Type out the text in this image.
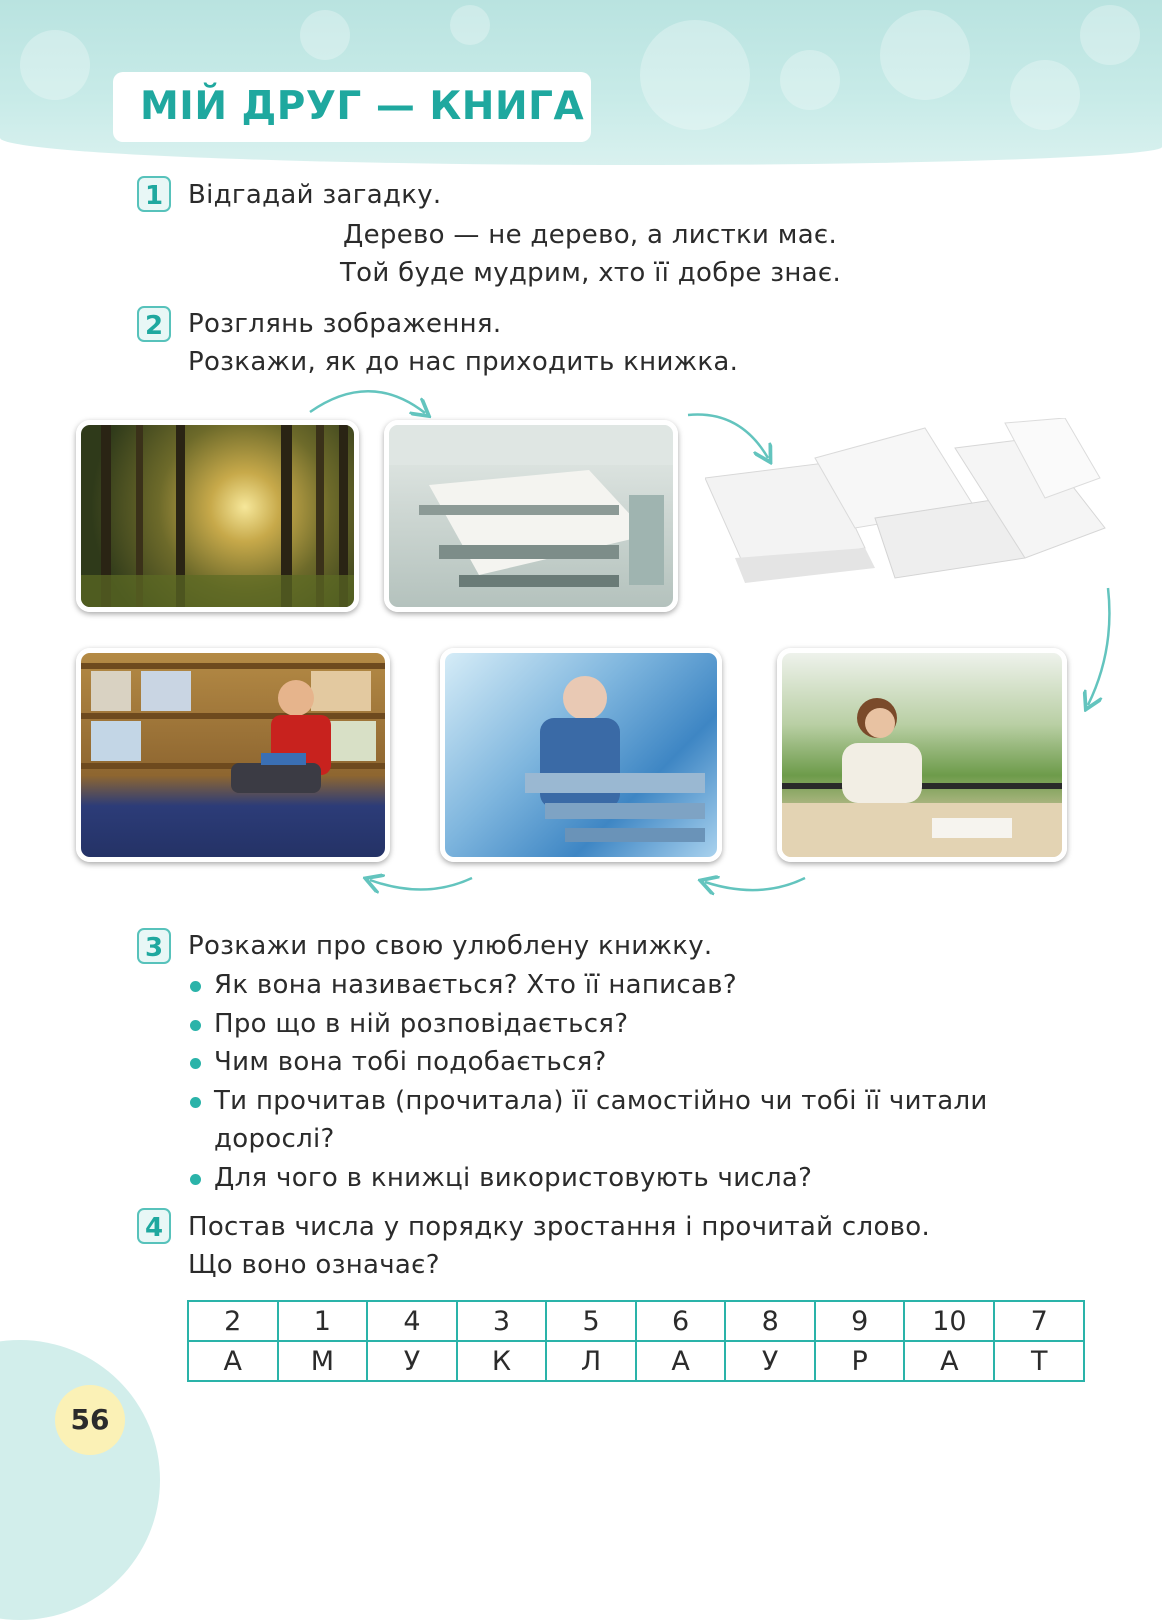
МІЙ ДРУГ — КНИГА
1 Відгадай загадку.
Дерево — не дерево, а листки має.
Той буде мудрим, хто її добре знає.
2 Розглянь зображення.
Розкажи, як до нас приходить книжка.
3 Розкажи про свою улюблену книжку.
Як вона називається? Хто її написав?
Про що в ній розповідається?
Чим вона тобі подобається?
Ти прочитав (прочитала) її самостійно чи тобі її читали
дорослі?
Для чого в книжці використовують числа?
4 Постав числа у порядку зростання і прочитай слово.
Що воно означає?
2	1	4	3	5	6	8	9	10	7
А	М	У	К	Л	А	У	Р	А	Т
56
